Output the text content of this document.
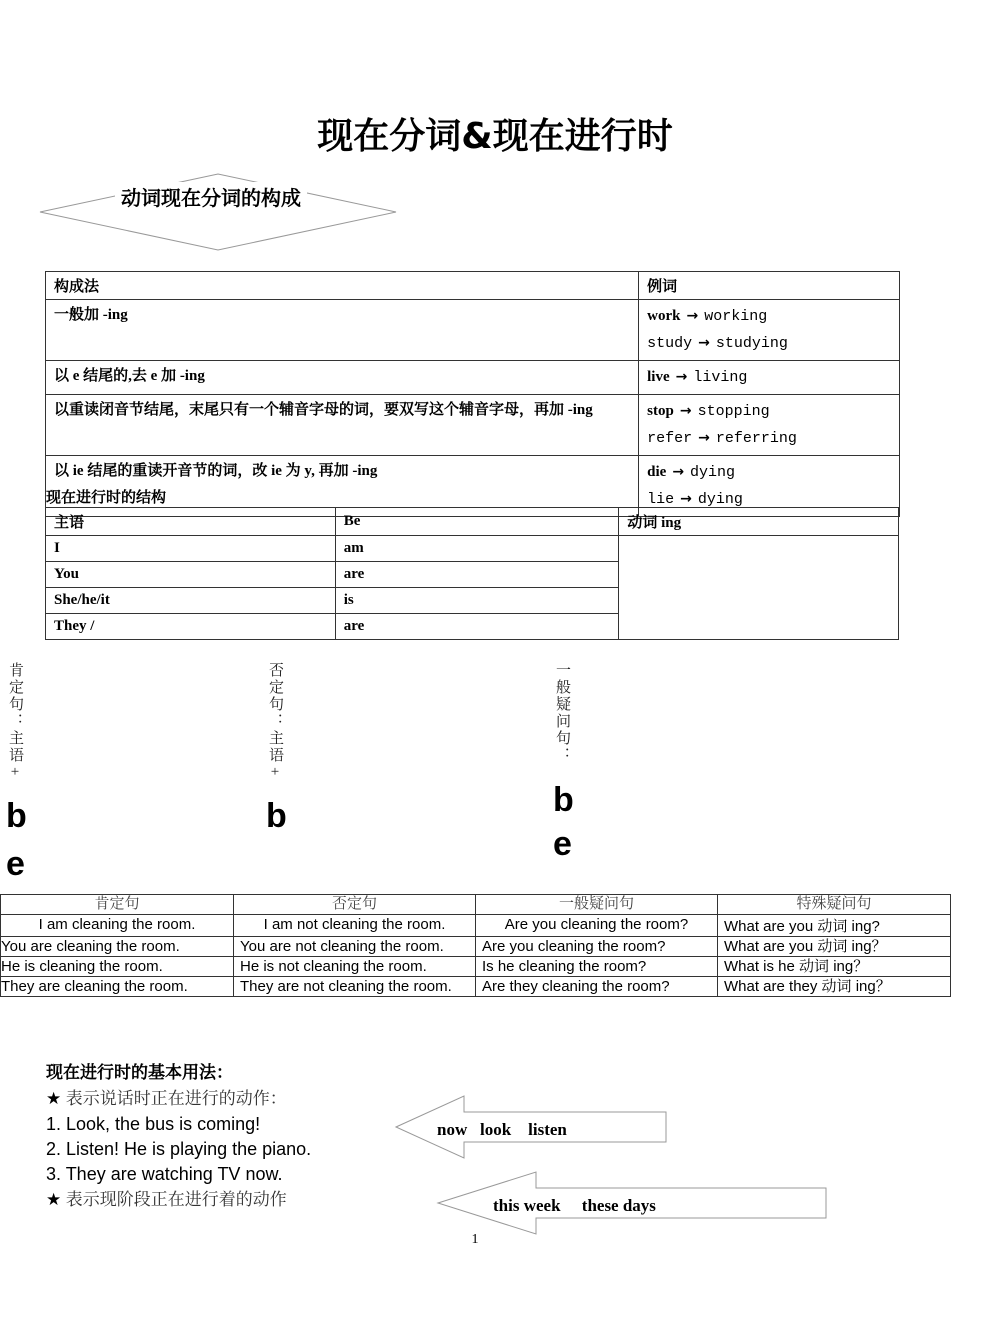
现在分词&现在进行时
动词现在分词的构成
构成法	例词
一般加 -ing	work → working
study → studying

以 e 结尾的,去 e 加 -ing	live → living

以重读闭音节结尾，末尾只有一个辅音字母的词，要双写这个辅音字母，再加 -ing	stop → stopping
refer → referring

以 ie 结尾的重读开音节的词，改 ie 为 y, 再加 -ing	die → dying
lie → dying
现在进行时的结构
主语	Be	动词 ing
I	am	
You	are	
She/he/it	is	
They /	are	
肯定句：主语+
b
e
否定句：主语+
b
一般疑问句：
b
e
肯定句	否定句	一般疑问句	特殊疑问句
I am cleaning the room.	I am not cleaning the room.	Are you cleaning the room?	What are you 动词 ing?
You are cleaning the room.	You are not cleaning the room.	Are you cleaning the room?	What are you 动词 ing？
He is cleaning the room.	He is not cleaning the room.	Is he cleaning the room?	What is he 动词 ing？
They are cleaning the room.	They are not cleaning the room.	Are they cleaning the room?	What are they 动词 ing？
现在进行时的基本用法：
★ 表示说话时正在进行的动作：
1. Look, the bus is coming!
2. Listen! He is playing the piano.
3. They are watching TV now.
★ 表示现阶段正在进行着的动作
now   look    listen
this week     these days
1
